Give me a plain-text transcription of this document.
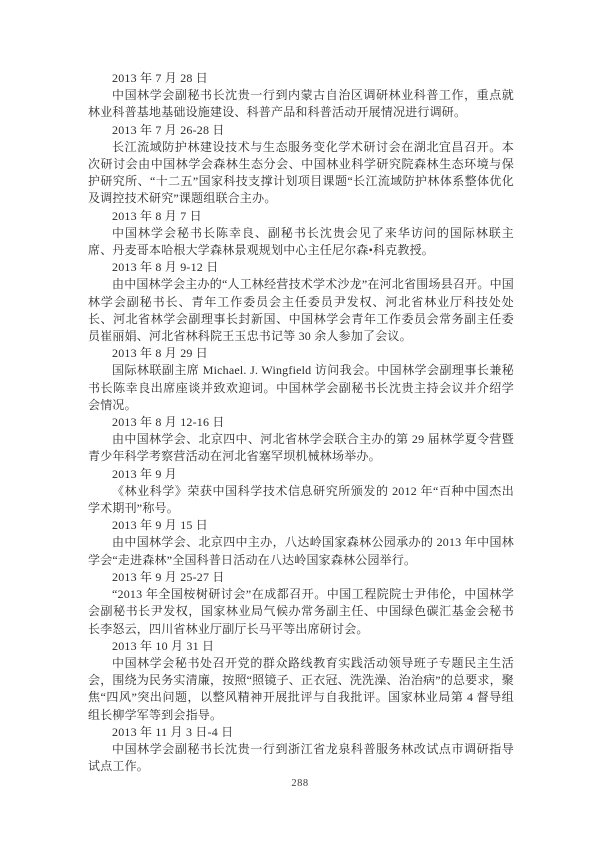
2013 年 7 月 28 日

中国林学会副秘书长沈贵一行到内蒙古自治区调研林业科普工作，重点就林业科普基地基础设施建设、科普产品和科普活动开展情况进行调研。

2013 年 7 月 26-28 日

长江流域防护林建设技术与生态服务变化学术研讨会在湖北宜昌召开。本次研讨会由中国林学会森林生态分会、中国林业科学研究院森林生态环境与保护研究所、“十二五”国家科技支撑计划项目课题“长江流域防护林体系整体优化及调控技术研究”课题组联合主办。

2013 年 8 月 7 日

中国林学会秘书长陈幸良、副秘书长沈贵会见了来华访问的国际林联主席、丹麦哥本哈根大学森林景观规划中心主任尼尔森•科克教授。

2013 年 8 月 9-12 日

由中国林学会主办的“人工林经营技术学术沙龙”在河北省围场县召开。中国林学会副秘书长、青年工作委员会主任委员尹发权、河北省林业厅科技处处长、河北省林学会副理事长封新国、中国林学会青年工作委员会常务副主任委员崔丽娟、河北省林科院王玉忠书记等 30 余人参加了会议。

2013 年 8 月 29 日

国际林联副主席 Michael. J. Wingfield 访问我会。中国林学会副理事长兼秘书长陈幸良出席座谈并致欢迎词。中国林学会副秘书长沈贵主持会议并介绍学会情况。

2013 年 8 月 12-16 日

由中国林学会、北京四中、河北省林学会联合主办的第 29 届林学夏令营暨青少年科学考察营活动在河北省塞罕坝机械林场举办。

2013 年 9 月

《林业科学》荣获中国科学技术信息研究所颁发的 2012 年“百种中国杰出学术期刊”称号。

2013 年 9 月 15 日

由中国林学会、北京四中主办，八达岭国家森林公园承办的 2013 年中国林学会“走进森林”全国科普日活动在八达岭国家森林公园举行。

2013 年 9 月 25-27 日

“2013 年全国桉树研讨会”在成都召开。中国工程院院士尹伟伦，中国林学会副秘书长尹发权，国家林业局气候办常务副主任、中国绿色碳汇基金会秘书长李怒云，四川省林业厅副厅长马平等出席研讨会。

2013 年 10 月 31 日

中国林学会秘书处召开党的群众路线教育实践活动领导班子专题民主生活会，围绕为民务实清廉，按照“照镜子、正衣冠、洗洗澡、治治病”的总要求，聚焦“四风”突出问题，以整风精神开展批评与自我批评。国家林业局第 4 督导组组长柳学军等到会指导。

2013 年 11 月 3 日-4 日

中国林学会副秘书长沈贵一行到浙江省龙泉科普服务林改试点市调研指导试点工作。

288
